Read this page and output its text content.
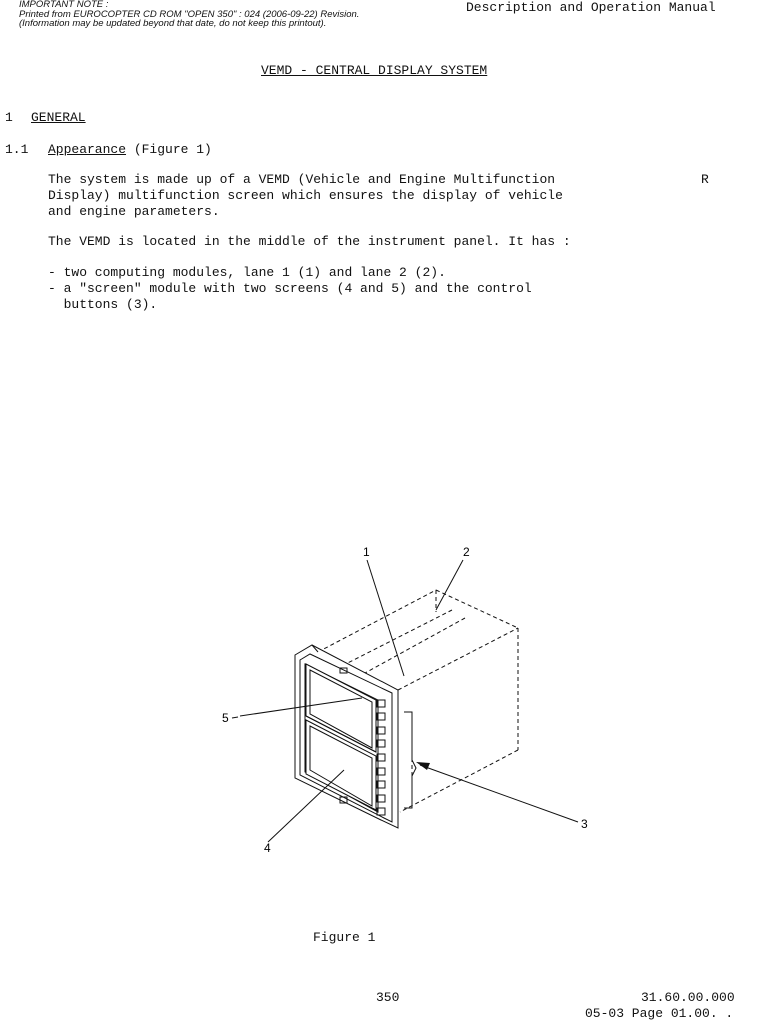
IMPORTANT NOTE :
Printed from EUROCOPTER CD ROM "OPEN 350" : 024 (2006-09-22) Revision.
(Information may be updated beyond that date, do not keep this printout).
Description and Operation Manual
VEMD - CENTRAL DISPLAY SYSTEM
1 GENERAL
1.1 Appearance (Figure 1)
The system is made up of a VEMD (Vehicle and Engine Multifunction	R
Display) multifunction screen which ensures the display of vehicle
and engine parameters.
The VEMD is located in the middle of the instrument panel. It has :
- two computing modules, lane 1 (1) and lane 2 (2).
- a "screen" module with two screens (4 and 5) and the control
buttons (3).
1	2
3
4
5
Figure 1
350	31.60.00.000
05-03 Page 01.00. .
